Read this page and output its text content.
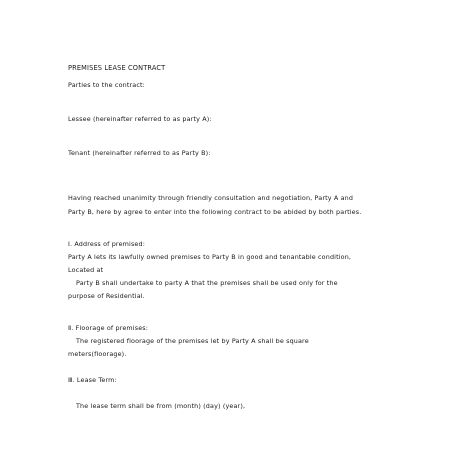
PREMISES LEASE CONTRACT
Parties to the contract:
Lessee (hereinafter referred to as party A):
Tenant (hereinafter referred to as Party B):
Having reached unanimity through friendly consultation and negotiation, Party A and
Party B, here by agree to enter into the following contract to be abided by both parties.
Ⅰ. Address of premised:
Party A lets its lawfully owned premises to Party B in good and tenantable condition,
Located at
Party B shall undertake to party A that the premises shall be used only for the
purpose of Residential.
Ⅱ. Floorage of premises:
The registered floorage of the premises let by Party A shall be square
meters(floorage).
Ⅲ. Lease Term:
The lease term shall be from (month) (day) (year),
